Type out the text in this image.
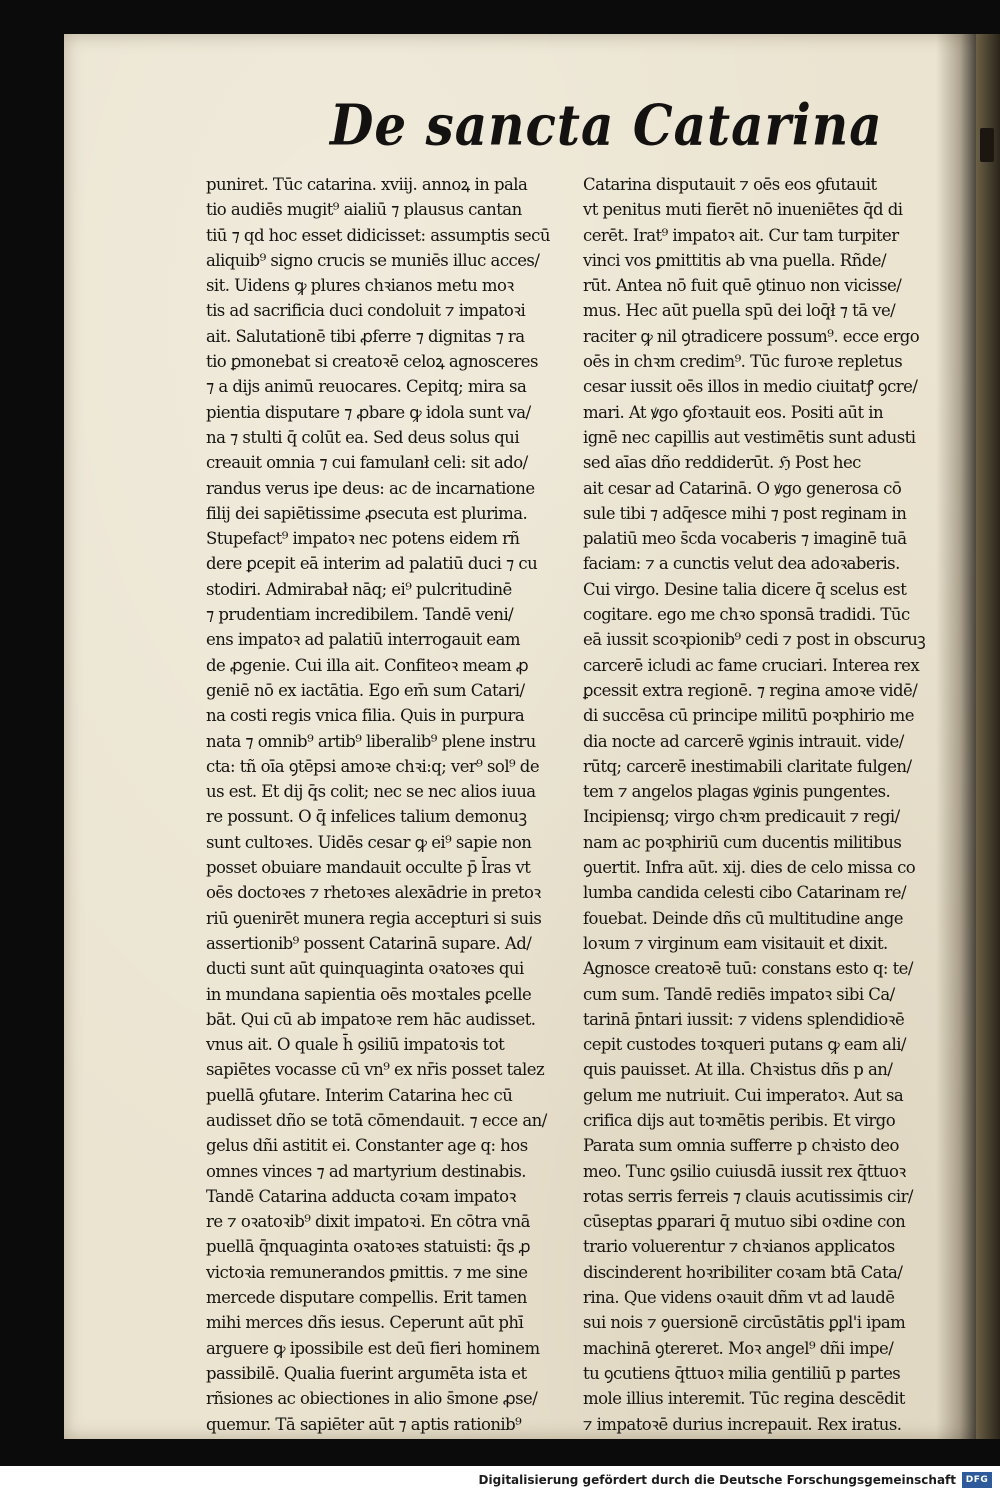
De sancta Catarina
puniret. Tūc catarina. xviij. annoꝝ in pala
tio audiēs mugit⁹ aialiū ⁊ plausus cantan
tiū ⁊ qd hoc esset didicisset: assumptis secū
aliquib⁹ signo crucis se muniēs illuc acces/
sit. Uidens ꝙ plures chꝛianos metu moꝛ
tis ad sacrificia duci condoluit ⁊ impatoꝛi
ait. Salutationē tibi ꝓferre ⁊ dignitas ⁊ ra
tio ꝑmonebat si creatoꝛē celoꝝ agnosceres
⁊ a dijs animū reuocares. Cepitq; mira sa
pientia disputare ⁊ ꝓbare ꝙ idola sunt va/
na ⁊ stulti q̄ colūt ea. Sed deus solus qui
creauit omnia ⁊ cui famulanł celi: sit ado/
randus verus ipe deus: ac de incarnatione
filij dei sapiētissime ꝓsecuta est plurima.
Stupefact⁹ impatoꝛ nec potens eidem rñ
dere ꝑcepit eā interim ad palatiū duci ⁊ cu
stodiri. Admirabał nāq; ei⁹ pulcritudinē
⁊ prudentiam incredibilem. Tandē veni/
ens impatoꝛ ad palatiū interrogauit eam
de ꝓgenie. Cui illa ait. Confiteoꝛ meam ꝓ
geniē nō ex iactātia. Ego em̄ sum Catari/
na costi regis vnica filia. Quis in purpura
nata ⁊ omnib⁹ artib⁹ liberalib⁹ plene instru
cta: tñ oīa ꝯtēpsi amoꝛe chꝛi:q; ver⁹ sol⁹ de
us est. Et dij q̄s colit; nec se nec alios iuua
re possunt. O q̄ infelices talium demonuꝫ
sunt cultoꝛes. Uidēs cesar ꝙ ei⁹ sapie non
posset obuiare mandauit occulte p̄ l̄ras vt
oēs doctoꝛes ⁊ rhetoꝛes alexādrie in pretoꝛ
riū ꝯuenirēt munera regia accepturi si suis
assertionib⁹ possent Catarinā supare. Ad/
ducti sunt aūt quinquaginta oꝛatoꝛes qui
in mundana sapientia oēs moꝛtales ꝑcelle
bāt. Qui cū ab impatoꝛe rem hāc audisset.
vnus ait. O quale h̄ ꝯsiliū impatoꝛis tot
sapiētes vocasse cū vn⁹ ex nr̄is posset talez
puellā ꝯfutare. Interim Catarina hec cū
audisset dño se totā cōmendauit. ⁊ ecce an/
gelus dñi astitit ei. Constanter age q: hos
omnes vinces ⁊ ad martyrium destinabis.
Tandē Catarina adducta coꝛam impatoꝛ
re ⁊ oꝛatoꝛib⁹ dixit impatoꝛi. En cōtra vnā
puellā q̄nquaginta oꝛatoꝛes statuisti: q̄s ꝓ
victoꝛia remunerandos ꝑmittis. ⁊ me sine
mercede disputare compellis. Erit tamen
mihi merces dñs iesus. Ceperunt aūt phī
arguere ꝙ ipossibile est deū fieri hominem
passibilē. Qualia fuerint argumēta ista et
rñsiones ac obiectiones in alio s̄mone ꝓse/
quemur. Tā sapiēter aūt ⁊ aptis rationib⁹
Catarina disputauit ⁊ oēs eos ꝯfutauit
vt penitus muti fierēt nō inueniētes q̄d di
cerēt. Irat⁹ impatoꝛ ait. Cur tam turpiter
vinci vos ꝑmittitis ab vna puella. Rñde/
rūt. Antea nō fuit quē ꝯtinuo non vicisse/
mus. Hec aūt puella spū dei loq̄ł ⁊ tā ve/
raciter ꝙ nil ꝯtradicere possum⁹. ecce ergo
oēs in chꝛm credim⁹. Tūc furoꝛe repletus
cesar iussit oēs illos in medio ciuitatꝭ ꝯcre/
mari. At ꝟgo ꝯfoꝛtauit eos. Positi aūt in
ignē nec capillis aut vestimētis sunt adusti
sed aīas dño reddiderūt. ℌ Post hec
ait cesar ad Catarinā. O ꝟgo generosa cō
sule tibi ⁊ adq̄esce mihi ⁊ post reginam in
palatiū meo s̄cda vocaberis ⁊ imaginē tuā
faciam: ⁊ a cunctis velut dea adoꝛaberis.
Cui virgo. Desine talia dicere q̄ scelus est
cogitare. ego me chꝛo sponsā tradidi. Tūc
eā iussit scoꝛpionib⁹ cedi ⁊ post in obscuruꝫ
carcerē icludi ac fame cruciari. Interea rex
ꝑcessit extra regionē. ⁊ regina amoꝛe vidē/
di succēsa cū principe militū poꝛphirio me
dia nocte ad carcerē ꝟginis intrauit. vide/
rūtq; carcerē inestimabili claritate fulgen/
tem ⁊ angelos plagas ꝟginis pungentes.
Incipiensq; virgo chꝛm predicauit ⁊ regi/
nam ac poꝛphiriū cum ducentis militibus
ꝯuertit. Infra aūt. xij. dies de celo missa co
lumba candida celesti cibo Catarinam re/
fouebat. Deinde dñs cū multitudine ange
loꝛum ⁊ virginum eam visitauit et dixit.
Agnosce creatoꝛē tuū: constans esto q: te/
cum sum. Tandē rediēs impatoꝛ sibi Ca/
tarinā p̄ntari iussit: ⁊ videns splendidioꝛē
cepit custodes toꝛqueri putans ꝙ eam ali/
quis pauisset. At illa. Chꝛistus dñs p an/
gelum me nutriuit. Cui imperatoꝛ. Aut sa
crifica dijs aut toꝛmētis peribis. Et virgo
Parata sum omnia sufferre p chꝛisto deo
meo. Tunc ꝯsilio cuiusdā iussit rex q̄ttuoꝛ
rotas serris ferreis ⁊ clauis acutissimis cir/
cūseptas ꝑparari q̄ mutuo sibi oꝛdine con
trario voluerentur ⁊ chꝛianos applicatos
discinderent hoꝛribiliter coꝛam btā Cata/
rina. Que videns oꝛauit dñm vt ad laudē
sui nois ⁊ ꝯuersionē circūstātis ꝑꝑl'i ipam
machinā ꝯtereret. Moꝛ angel⁹ dñi impe/
tu ꝯcutiens q̄ttuoꝛ milia gentiliū p partes
mole illius interemit. Tūc regina descēdit
⁊ impatoꝛē durius increpauit. Rex iratus.
Digitalisierung gefördert durch die Deutsche Forschungsgemeinschaft	DFG
